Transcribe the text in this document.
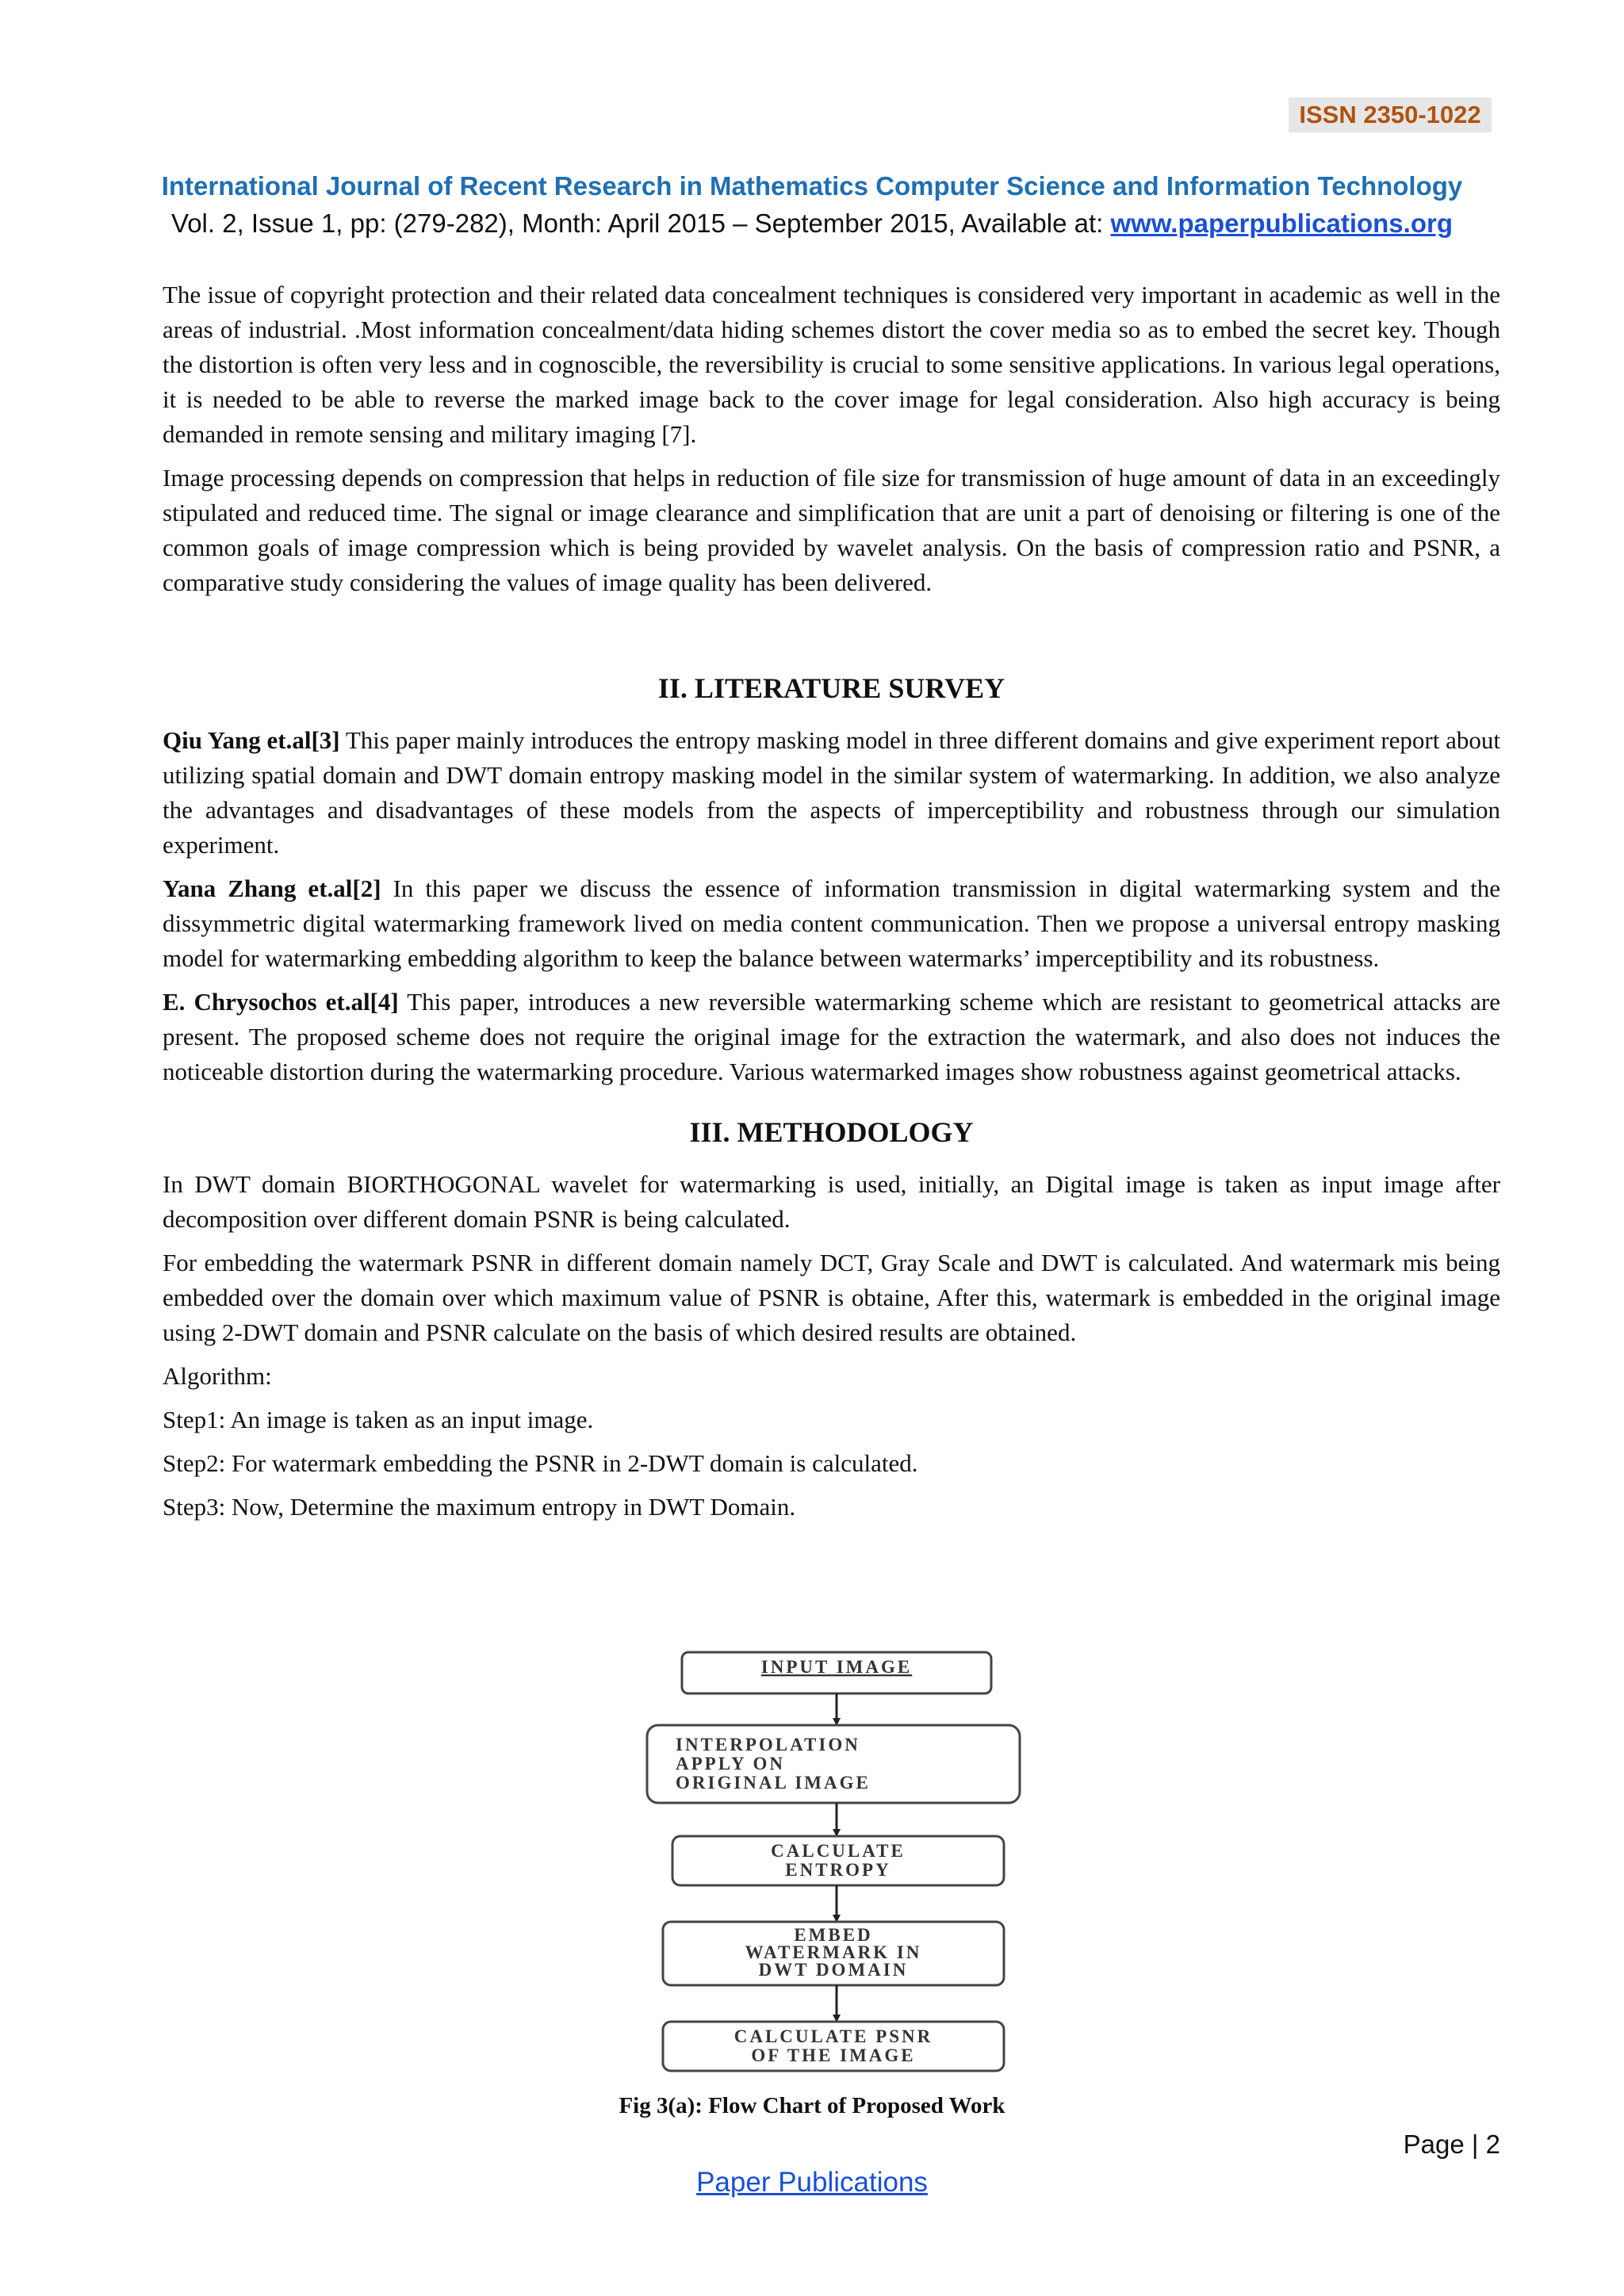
ISSN 2350-1022
International Journal of Recent Research in Mathematics Computer Science and Information Technology
Vol. 2, Issue 1, pp: (279-282), Month: April 2015 – September 2015, Available at: www.paperpublications.org

The issue of copyright protection and their related data concealment techniques is considered very important in academic as well in the areas of industrial. .Most information concealment/data hiding schemes distort the cover media so as to embed the secret key. Though the distortion is often very less and in cognoscible, the reversibility is crucial to some sensitive applications. In various legal operations, it is needed to be able to reverse the marked image back to the cover image for legal consideration. Also high accuracy is being demanded in remote sensing and military imaging [7].

Image processing depends on compression that helps in reduction of file size for transmission of huge amount of data in an exceedingly stipulated and reduced time. The signal or image clearance and simplification that are unit a part of denoising or filtering is one of the common goals of image compression which is being provided by wavelet analysis. On the basis of compression ratio and PSNR, a comparative study considering the values of image quality has been delivered.

II. LITERATURE SURVEY

Qiu Yang et.al[3] This paper mainly introduces the entropy masking model in three different domains and give experiment report about utilizing spatial domain and DWT domain entropy masking model in the similar system of watermarking. In addition, we also analyze the advantages and disadvantages of these models from the aspects of imperceptibility and robustness through our simulation experiment.

Yana Zhang et.al[2] In this paper we discuss the essence of information transmission in digital watermarking system and the dissymmetric digital watermarking framework lived on media content communication. Then we propose a universal entropy masking model for watermarking embedding algorithm to keep the balance between watermarks’ imperceptibility and its robustness.

E. Chrysochos et.al[4] This paper, introduces a new reversible watermarking scheme which are resistant to geometrical attacks are present. The proposed scheme does not require the original image for the extraction the watermark, and also does not induces the noticeable distortion during the watermarking procedure. Various watermarked images show robustness against geometrical attacks.

III. METHODOLOGY

In DWT domain BIORTHOGONAL wavelet for watermarking is used, initially, an Digital image is taken as input image after decomposition over different domain PSNR is being calculated.

For embedding the watermark PSNR in different domain namely DCT, Gray Scale and DWT is calculated. And watermark mis being embedded over the domain over which maximum value of PSNR is obtaine, After this, watermark is embedded in the original image using 2-DWT domain and PSNR calculate on the basis of which desired results are obtained.

Algorithm:

Step1: An image is taken as an input image.

Step2: For watermark embedding the PSNR in 2-DWT domain is calculated.

Step3: Now, Determine the maximum entropy in DWT Domain.

INPUT IMAGE
INTERPOLATION
APPLY ON
ORIGINAL IMAGE
CALCULATE
ENTROPY
EMBED
WATERMARK IN
DWT DOMAIN
CALCULATE PSNR
OF THE IMAGE
Fig 3(a): Flow Chart of Proposed Work
Page | 2
Paper Publications
